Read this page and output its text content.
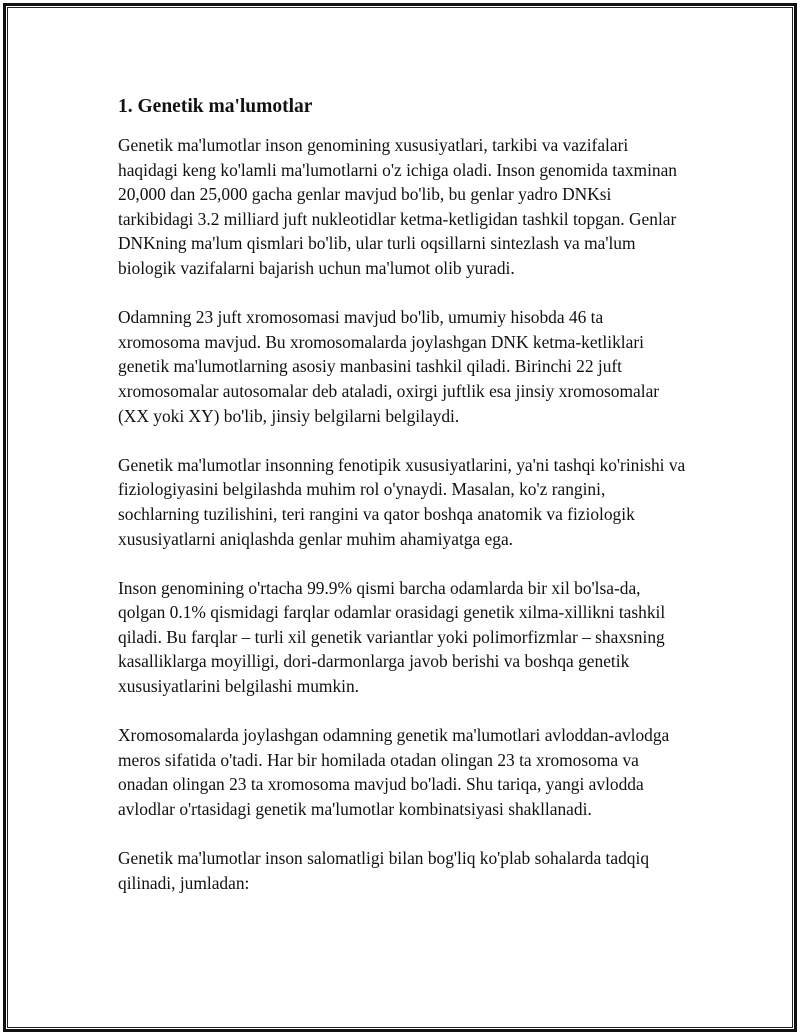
1. Genetik ma'lumotlar

Genetik ma'lumotlar inson genomining xususiyatlari, tarkibi va vazifalari haqidagi keng ko'lamli ma'lumotlarni o'z ichiga oladi. Inson genomida taxminan 20,000 dan 25,000 gacha genlar mavjud bo'lib, bu genlar yadro DNKsi tarkibidagi 3.2 milliard juft nukleotidlar ketma-ketligidan tashkil topgan. Genlar DNKning ma'lum qismlari bo'lib, ular turli oqsillarni sintezlash va ma'lum biologik vazifalarni bajarish uchun ma'lumot olib yuradi.

Odamning 23 juft xromosomasi mavjud bo'lib, umumiy hisobda 46 ta xromosoma mavjud. Bu xromosomalarda joylashgan DNK ketma-ketliklari genetik ma'lumotlarning asosiy manbasini tashkil qiladi. Birinchi 22 juft xromosomalar autosomalar deb ataladi, oxirgi juftlik esa jinsiy xromosomalar (XX yoki XY) bo'lib, jinsiy belgilarni belgilaydi.

Genetik ma'lumotlar insonning fenotipik xususiyatlarini, ya'ni tashqi ko'rinishi va fiziologiyasini belgilashda muhim rol o'ynaydi. Masalan, ko'z rangini, sochlarning tuzilishini, teri rangini va qator boshqa anatomik va fiziologik xususiyatlarni aniqlashda genlar muhim ahamiyatga ega.

Inson genomining o'rtacha 99.9% qismi barcha odamlarda bir xil bo'lsa-da, qolgan 0.1% qismidagi farqlar odamlar orasidagi genetik xilma-xillikni tashkil qiladi. Bu farqlar – turli xil genetik variantlar yoki polimorfizmlar – shaxsning kasalliklarga moyilligi, dori-darmonlarga javob berishi va boshqa genetik xususiyatlarini belgilashi mumkin.

Xromosomalarda joylashgan odamning genetik ma'lumotlari avloddan-avlodga meros sifatida o'tadi. Har bir homilada otadan olingan 23 ta xromosoma va onadan olingan 23 ta xromosoma mavjud bo'ladi. Shu tariqa, yangi avlodda avlodlar o'rtasidagi genetik ma'lumotlar kombinatsiyasi shakllanadi.

Genetik ma'lumotlar inson salomatligi bilan bog'liq ko'plab sohalarda tadqiq qilinadi, jumladan:
